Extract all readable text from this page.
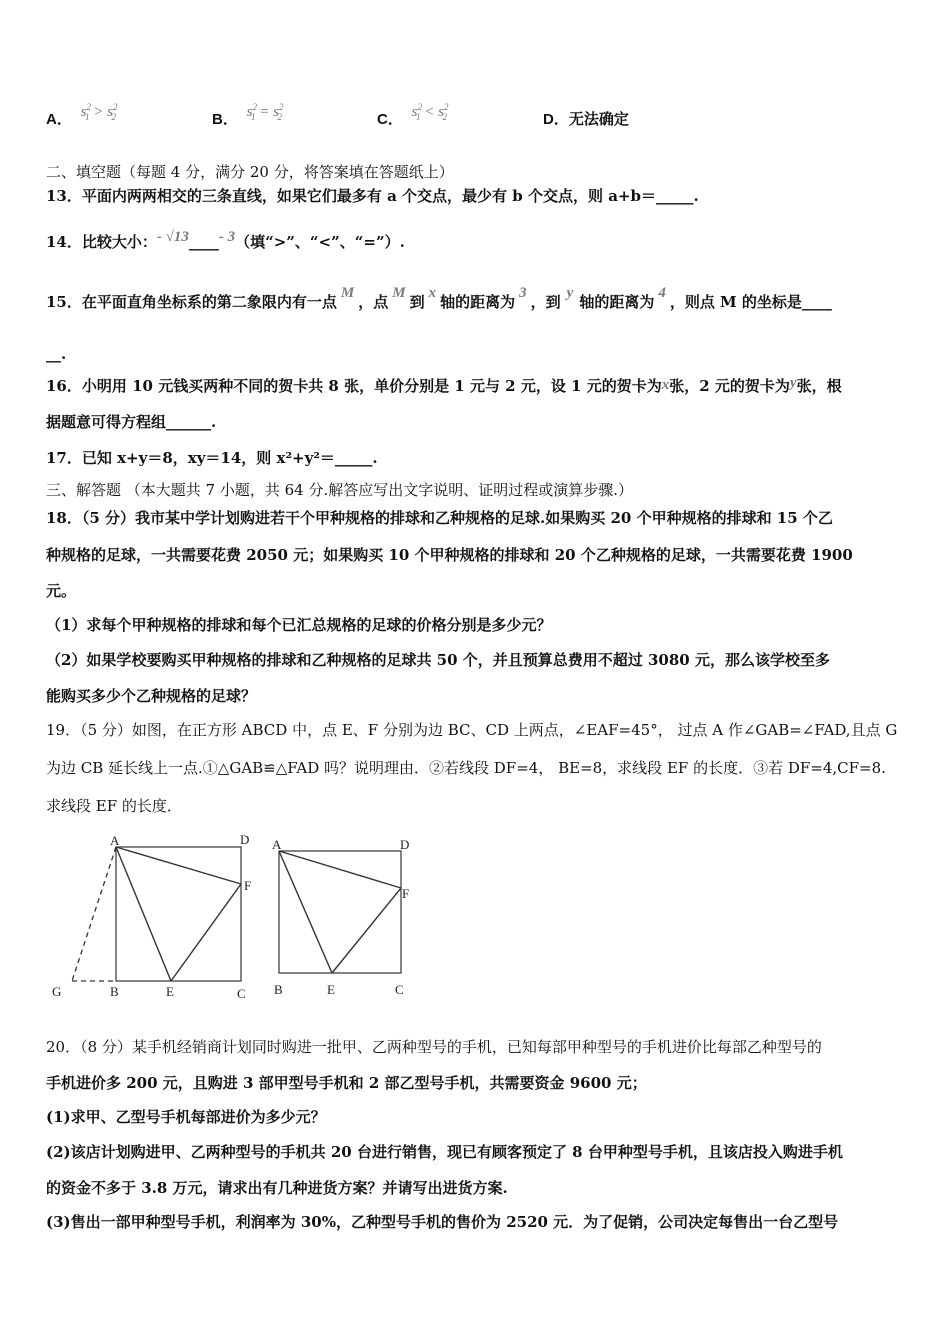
A． $s^2_1 > s^2_2$	B． $s^2_1 = s^2_2$	C． $s^2_1 < s^2_2$	D．无法确定
二、填空题（每题 4 分，满分 20 分，将答案填在答题纸上）
13．平面内两两相交的三条直线，如果它们最多有 a 个交点，最少有 b 个交点，则 a+b＝_____.
14．比较大小：- √13____- 3（填“>”、“<”、“=”）.
15．在平面直角坐标系的第二象限内有一点 M ，点 M 到 x 轴的距离为 3 ，到 y 轴的距离为 4 ，则点 M 的坐标是____
__.
16．小明用 10 元钱买两种不同的贺卡共 8 张，单价分别是 1 元与 2 元，设 1 元的贺卡为x张，2 元的贺卡为y张，根
据题意可得方程组______.
17．已知 x+y＝8，xy＝14，则 x²+y²＝_____.
三、解答题 （本大题共 7 小题，共 64 分.解答应写出文字说明、证明过程或演算步骤.）
18．（5 分）我市某中学计划购进若干个甲种规格的排球和乙种规格的足球.如果购买 20 个甲种规格的排球和 15 个乙
种规格的足球，一共需要花费 2050 元；如果购买 10 个甲种规格的排球和 20 个乙种规格的足球，一共需要花费 1900
元。
（1）求每个甲种规格的排球和每个已汇总规格的足球的价格分别是多少元？
（2）如果学校要购买甲种规格的排球和乙种规格的足球共 50 个，并且预算总费用不超过 3080 元，那么该学校至多
能购买多少个乙种规格的足球？
19．（5 分）如图，在正方形 ABCD 中，点 E、F 分别为边 BC、CD 上两点，∠EAF=45°， 过点 A 作∠GAB=∠FAD,且点 G
为边 CB 延长线上一点.①△GAB≌△FAD 吗？说明理由．②若线段 DF=4， BE=8，求线段 EF 的长度．③若 DF=4,CF=8.
求线段 EF 的长度．
A	D
F
G	B	E	C
A	D
F
B	E	C
20．（8 分）某手机经销商计划同时购进一批甲、乙两种型号的手机，已知每部甲种型号的手机进价比每部乙种型号的
手机进价多 200 元，且购进 3 部甲型号手机和 2 部乙型号手机，共需要资金 9600 元；
(1)求甲、乙型号手机每部进价为多少元？
(2)该店计划购进甲、乙两种型号的手机共 20 台进行销售，现已有顾客预定了 8 台甲种型号手机，且该店投入购进手机
的资金不多于 3.8 万元，请求出有几种进货方案？并请写出进货方案.
(3)售出一部甲种型号手机，利润率为 30%，乙种型号手机的售价为 2520 元．为了促销，公司决定每售出一台乙型号
